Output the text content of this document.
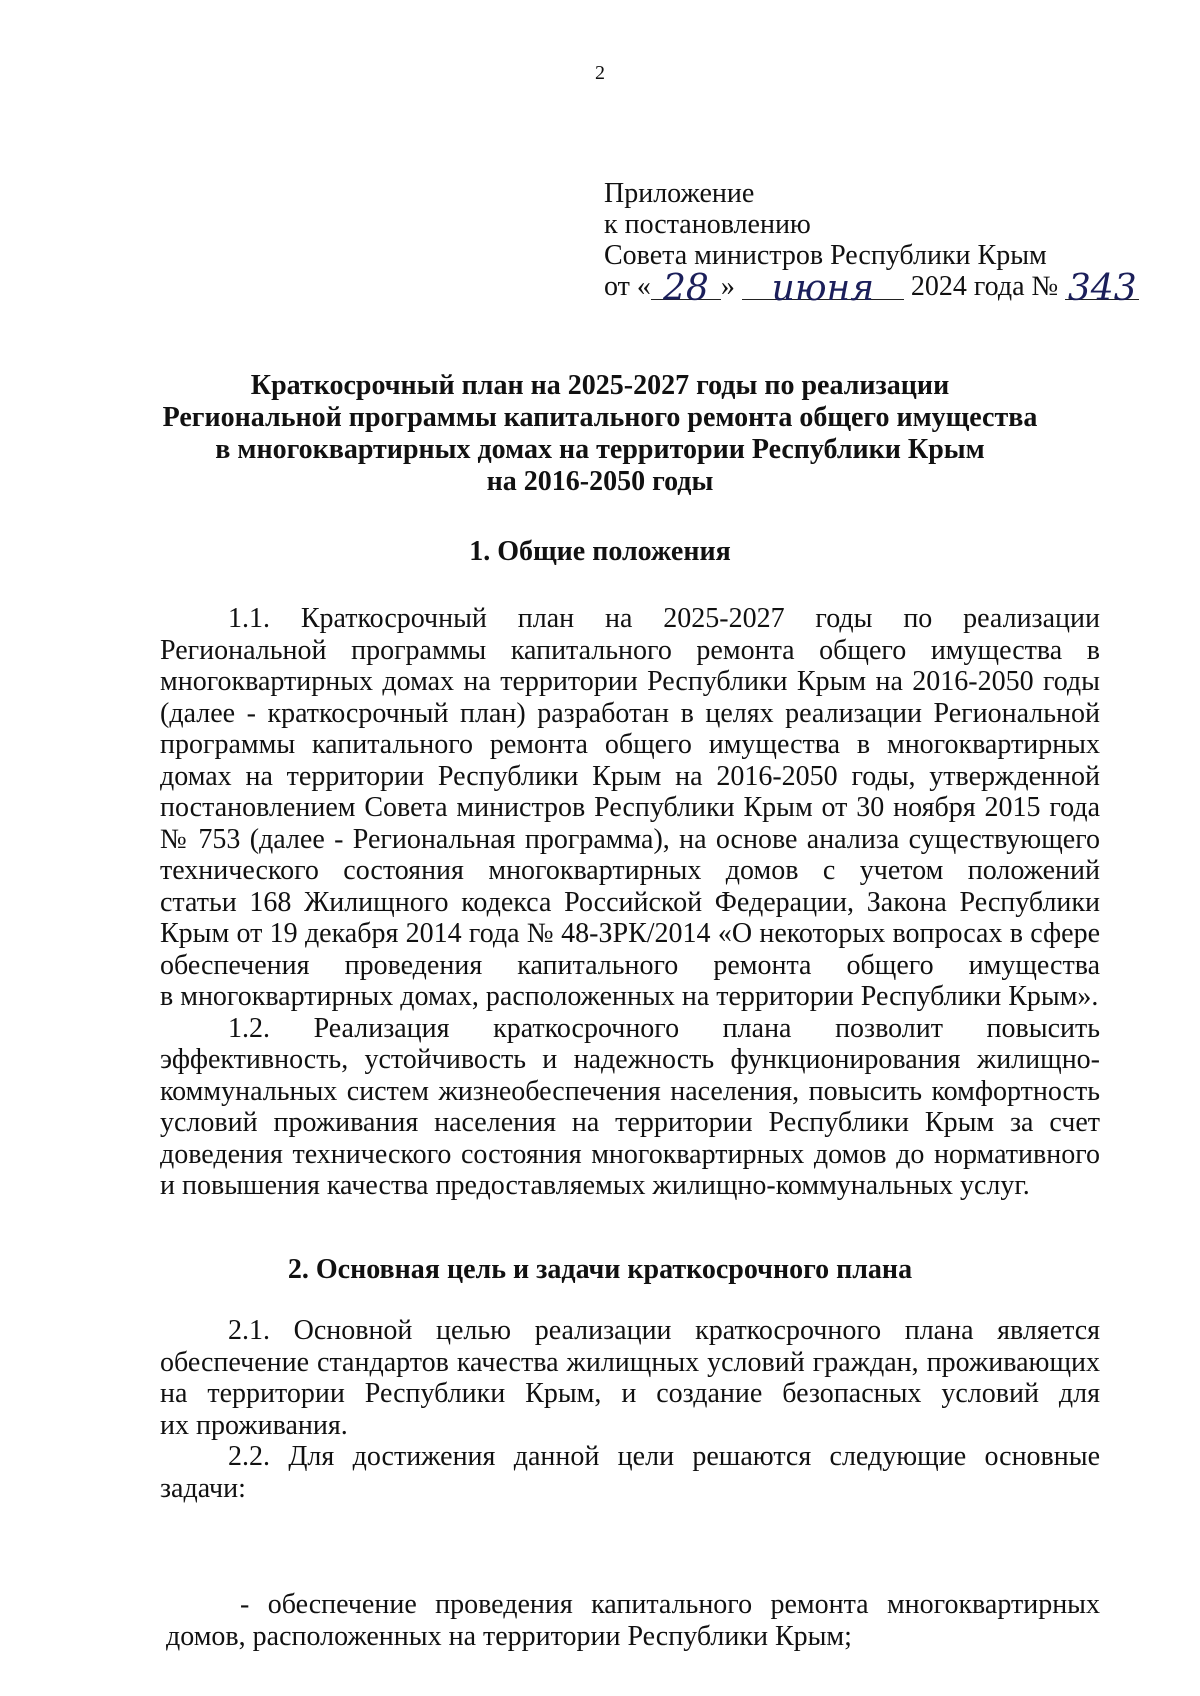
2
Приложение
к постановлению
Совета министров Республики Крым
от « 28 »	июня	2024 года № 343
Краткосрочный план на 2025-2027 годы по реализации
Региональной программы капитального ремонта общего имущества
в многоквартирных домах на территории Республики Крым
на 2016-2050 годы
1. Общие положения
1.1. Краткосрочный план на 2025-2027 годы по реализации
Региональной программы капитального ремонта общего имущества в
многоквартирных домах на территории Республики Крым на 2016-2050 годы
(далее - краткосрочный план) разработан в целях реализации Региональной
программы капитального ремонта общего имущества в многоквартирных
домах на территории Республики Крым на 2016-2050 годы, утвержденной
постановлением Совета министров Республики Крым от 30 ноября 2015 года
№ 753 (далее - Региональная программа), на основе анализа существующего
технического состояния многоквартирных домов с учетом положений
статьи 168 Жилищного кодекса Российской Федерации, Закона Республики
Крым от 19 декабря 2014 года № 48-ЗРК/2014 «О некоторых вопросах в сфере
обеспечения проведения капитального ремонта общего имущества
в многоквартирных домах, расположенных на территории Республики Крым».
1.2. Реализация краткосрочного плана позволит повысить
эффективность, устойчивость и надежность функционирования жилищно-
коммунальных систем жизнеобеспечения населения, повысить комфортность
условий проживания населения на территории Республики Крым за счет
доведения технического состояния многоквартирных домов до нормативного
и повышения качества предоставляемых жилищно-коммунальных услуг.
2. Основная цель и задачи краткосрочного плана
2.1. Основной целью реализации краткосрочного плана является
обеспечение стандартов качества жилищных условий граждан, проживающих
на территории Республики Крым, и создание безопасных условий для
их проживания.
2.2. Для достижения данной цели решаются следующие основные
задачи:
- обеспечение проведения капитального ремонта многоквартирных
домов, расположенных на территории Республики Крым;
